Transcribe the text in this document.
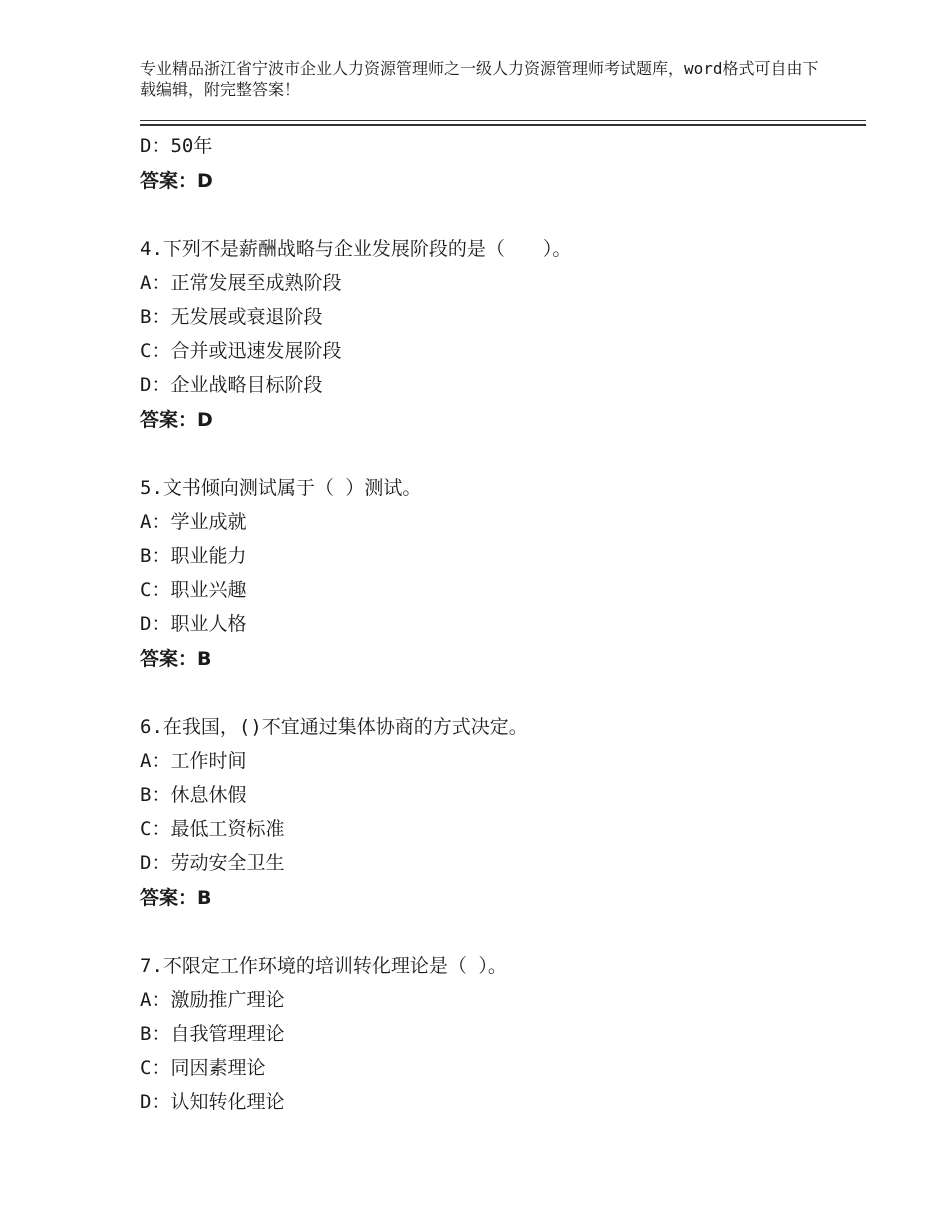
专业精品浙江省宁波市企业人力资源管理师之一级人力资源管理师考试题库，word格式可自由下载编辑，附完整答案！
D：50年
答案：D
4.下列不是薪酬战略与企业发展阶段的是（　　）。
A：正常发展至成熟阶段
B：无发展或衰退阶段
C：合并或迅速发展阶段
D：企业战略目标阶段
答案：D
5.文书倾向测试属于（ ）测试。
A：学业成就
B：职业能力
C：职业兴趣
D：职业人格
答案：B
6.在我国，()不宜通过集体协商的方式决定。
A：工作时间
B：休息休假
C：最低工资标准
D：劳动安全卫生
答案：B
7.不限定工作环境的培训转化理论是（ ）。
A：激励推广理论
B：自我管理理论
C：同因素理论
D：认知转化理论
